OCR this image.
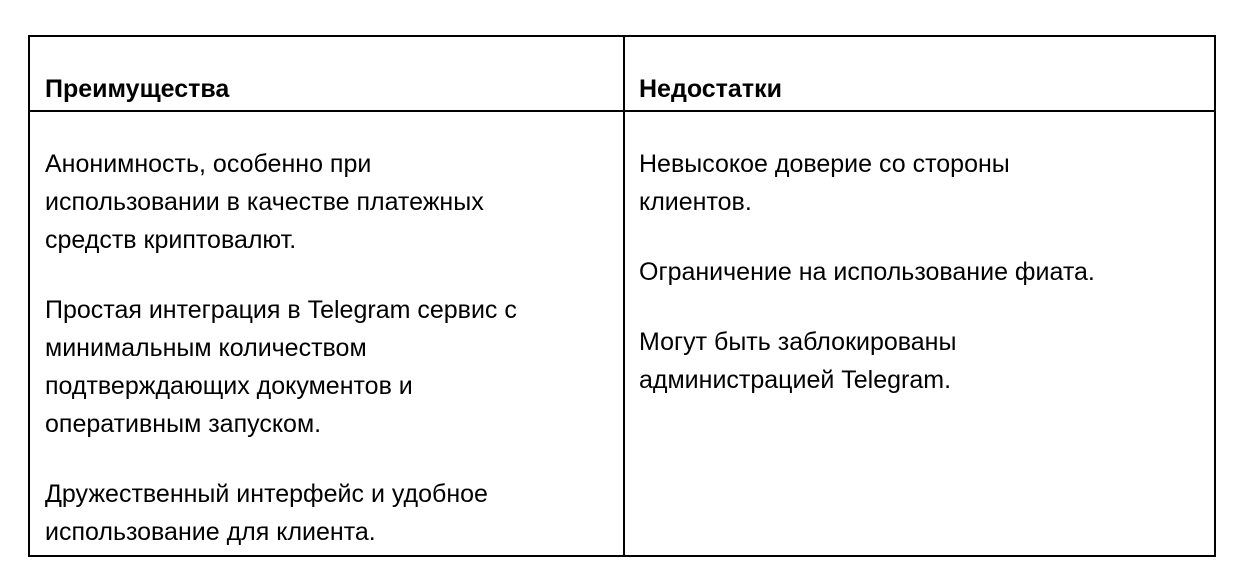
Преимущества	Недостатки

Анонимность, особенно при
использовании в качестве платежных
средств криптовалют.

Простая интеграция в Telegram сервис с
минимальным количеством
подтверждающих документов и
оперативным запуском.

Дружественный интерфейс и удобное
использование для клиента.

Невысокое доверие со стороны
клиентов.

Ограничение на использование фиата.

Могут быть заблокированы
администрацией Telegram.
